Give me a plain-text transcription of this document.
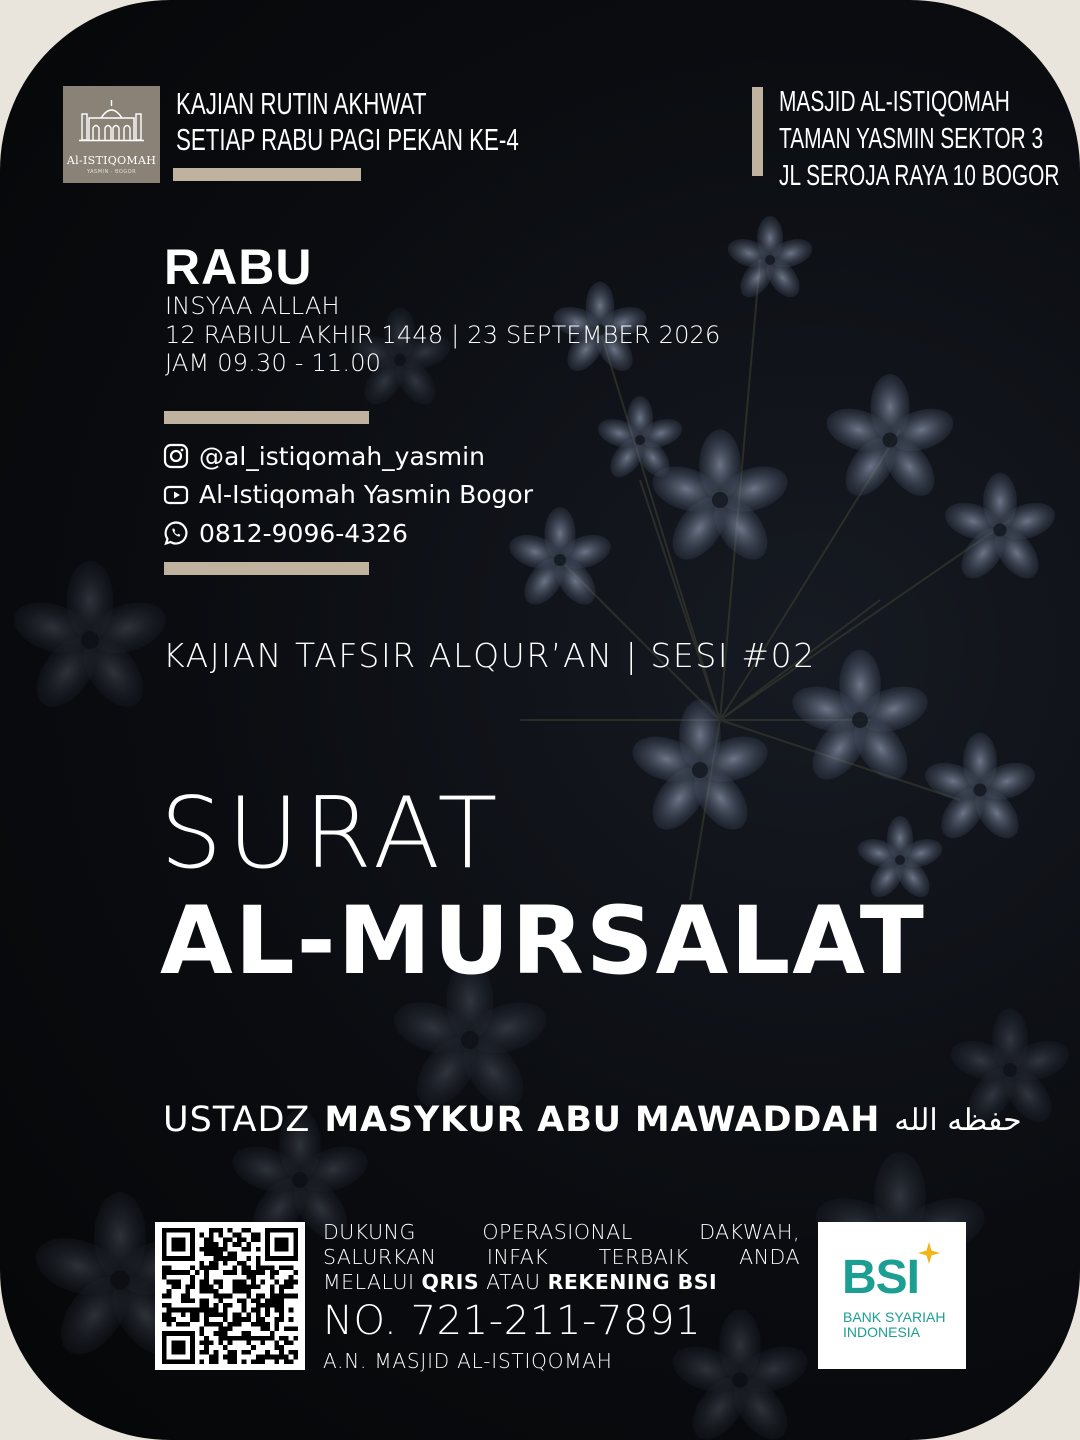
Al-ISTIQOMAH
YASMIN · BOGOR
KAJIAN RUTIN AKHWAT
SETIAP RABU PAGI PEKAN KE-4
MASJID AL-ISTIQOMAH
TAMAN YASMIN SEKTOR 3
JL SEROJA RAYA 10 BOGOR
RABU
INSYAA ALLAH
12 RABIUL AKHIR 1448 | 23 SEPTEMBER 2026
JAM 09.30 - 11.00
@al_istiqomah_yasmin
Al-Istiqomah Yasmin Bogor
0812-9096-4326
KAJIAN TAFSIR ALQUR’AN | SESI #02
SURAT
AL-MURSALAT
USTADZ MASYKUR ABU MAWADDAH حفظه الله
DUKUNG OPERASIONAL DAKWAH,
SALURKAN INFAK TERBAIK ANDA
MELALUI QRIS ATAU REKENING BSI
NO. 721-211-7891
A.N. MASJID AL-ISTIQOMAH
BSI
BANK SYARIAH
INDONESIA
